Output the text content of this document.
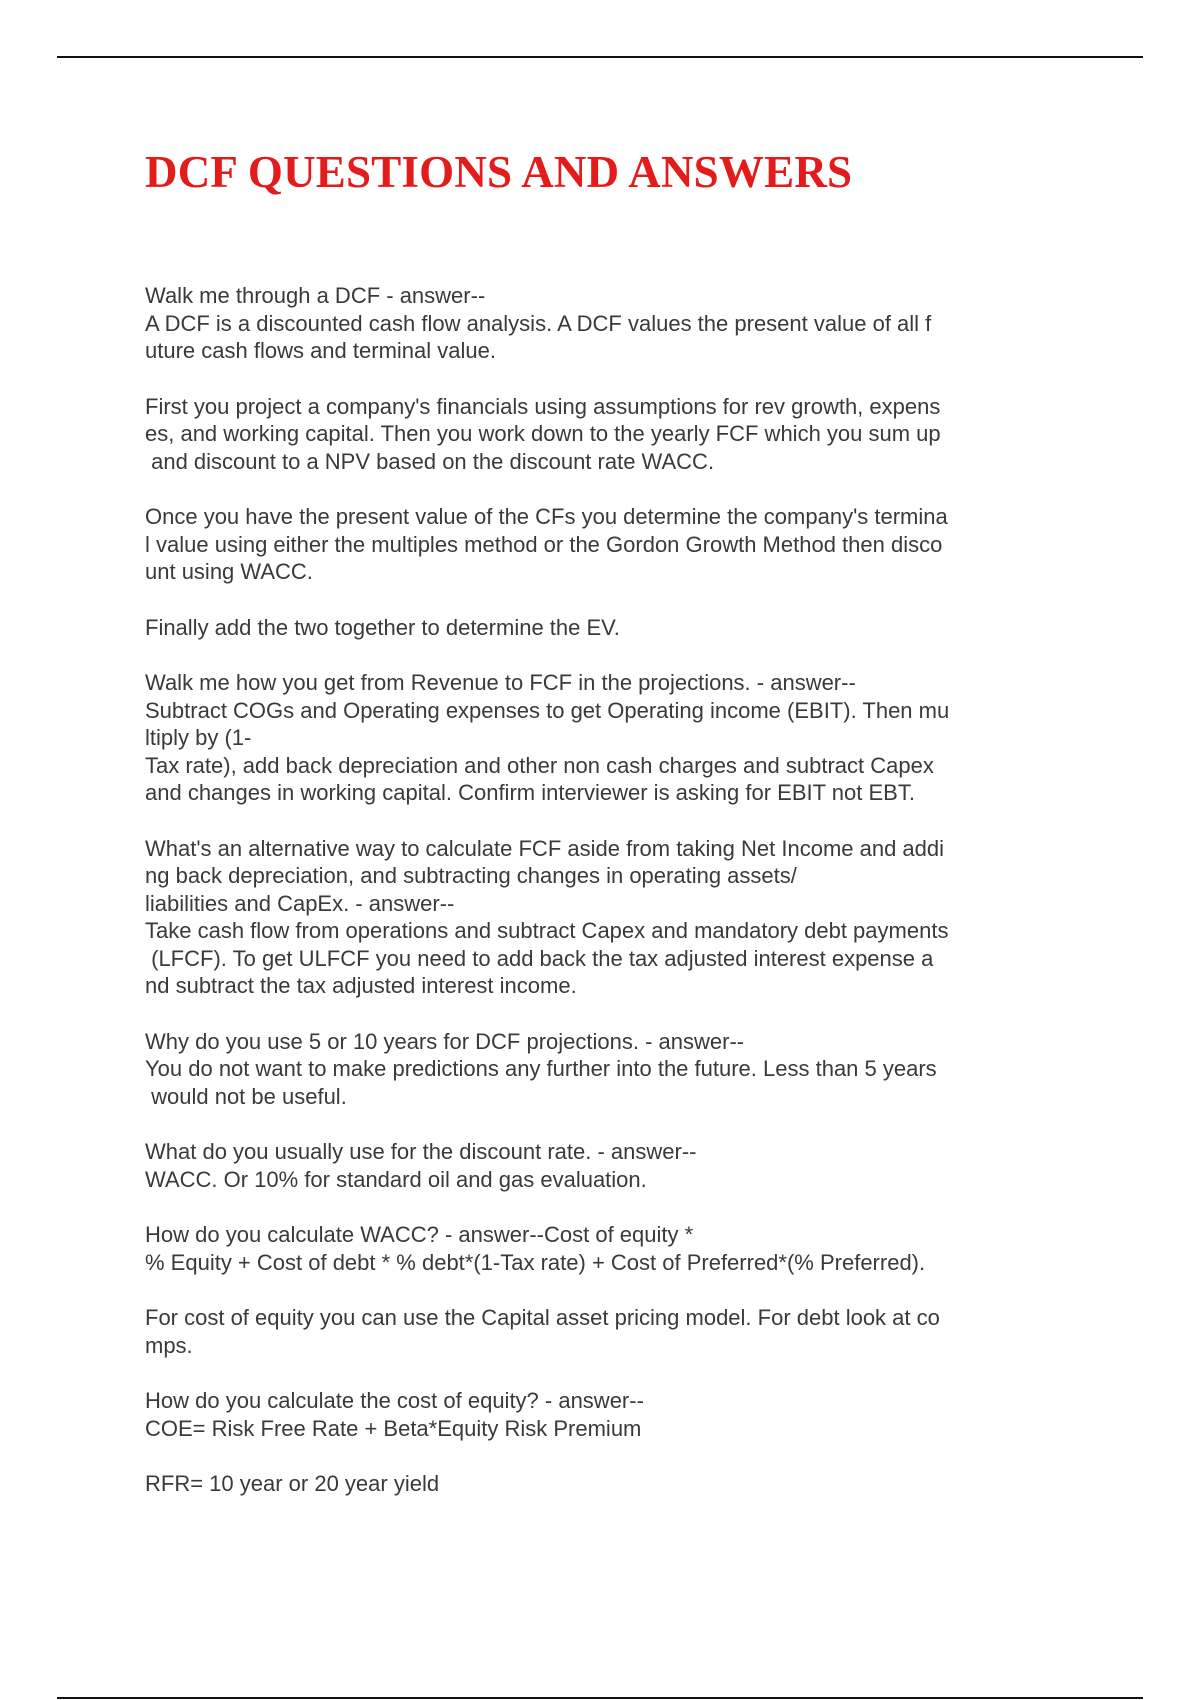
DCF QUESTIONS AND ANSWERS
Walk me through a DCF - answer--
A DCF is a discounted cash flow analysis. A DCF values the present value of all f
uture cash flows and terminal value.
First you project a company's financials using assumptions for rev growth, expens
es, and working capital. Then you work down to the yearly FCF which you sum up
and discount to a NPV based on the discount rate WACC.
Once you have the present value of the CFs you determine the company's termina
l value using either the multiples method or the Gordon Growth Method then disco
unt using WACC.
Finally add the two together to determine the EV.
Walk me how you get from Revenue to FCF in the projections. - answer--
Subtract COGs and Operating expenses to get Operating income (EBIT). Then mu
ltiply by (1-
Tax rate), add back depreciation and other non cash charges and subtract Capex
and changes in working capital. Confirm interviewer is asking for EBIT not EBT.
What's an alternative way to calculate FCF aside from taking Net Income and addi
ng back depreciation, and subtracting changes in operating assets/
liabilities and CapEx. - answer--
Take cash flow from operations and subtract Capex and mandatory debt payments
(LFCF). To get ULFCF you need to add back the tax adjusted interest expense a
nd subtract the tax adjusted interest income.
Why do you use 5 or 10 years for DCF projections. - answer--
You do not want to make predictions any further into the future. Less than 5 years
would not be useful.
What do you usually use for the discount rate. - answer--
WACC. Or 10% for standard oil and gas evaluation.
How do you calculate WACC? - answer--Cost of equity *
% Equity + Cost of debt * % debt*(1-Tax rate) + Cost of Preferred*(% Preferred).
For cost of equity you can use the Capital asset pricing model. For debt look at co
mps.
How do you calculate the cost of equity? - answer--
COE= Risk Free Rate + Beta*Equity Risk Premium
RFR= 10 year or 20 year yield
